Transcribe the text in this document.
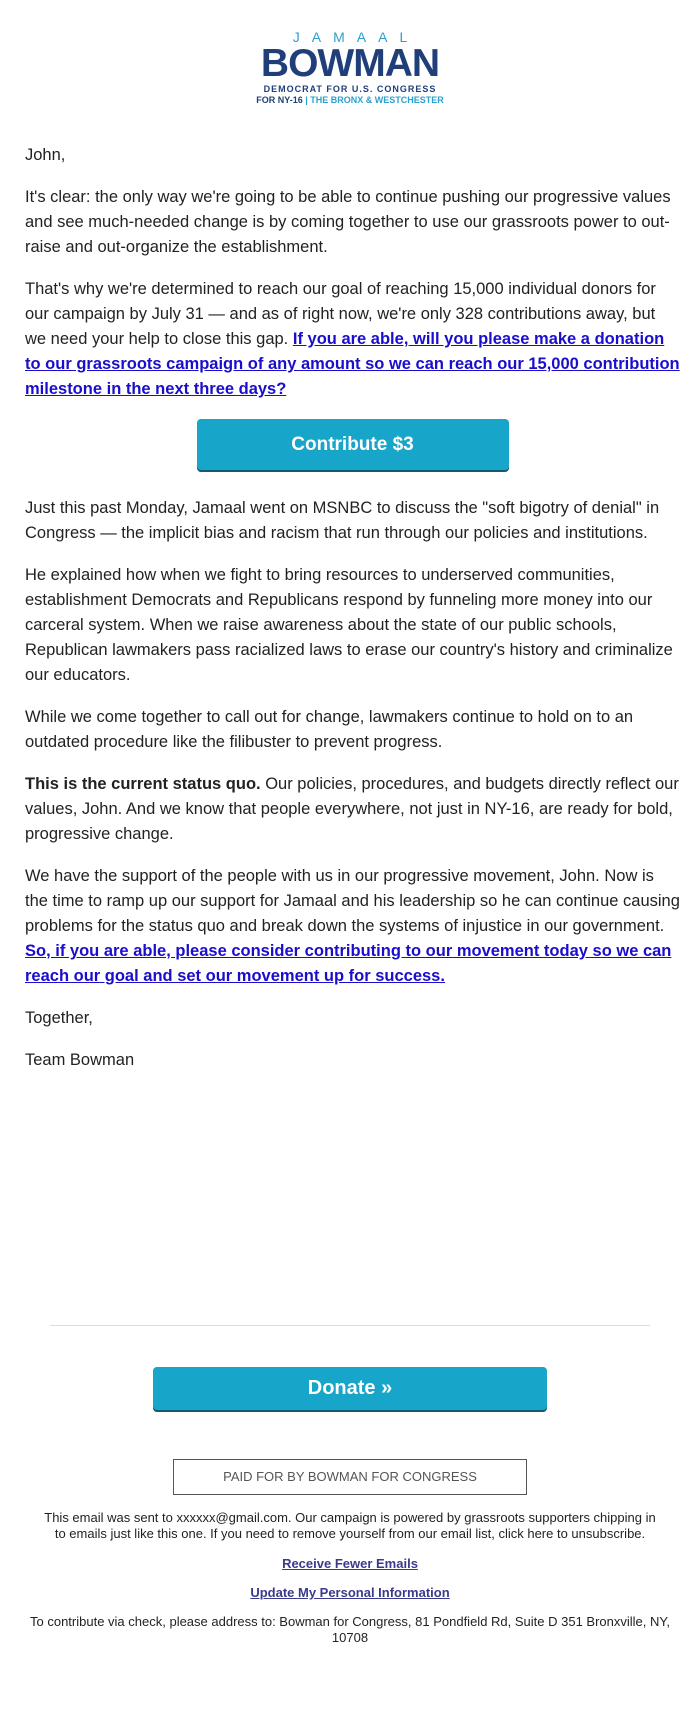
JAMAAL
BOWMAN
DEMOCRAT FOR U.S. CONGRESS
FOR NY-16 | THE BRONX & WESTCHESTER

John,

It's clear: the only way we're going to be able to continue pushing our progressive values and see much-needed change is by coming together to use our grassroots power to out-raise and out-organize the establishment.

That's why we're determined to reach our goal of reaching 15,000 individual donors for our campaign by July 31 — and as of right now, we're only 328 contributions away, but we need your help to close this gap. If you are able, will you please make a donation to our grassroots campaign of any amount so we can reach our 15,000 contribution milestone in the next three days?

Contribute $3

Just this past Monday, Jamaal went on MSNBC to discuss the "soft bigotry of denial" in Congress — the implicit bias and racism that run through our policies and institutions.

He explained how when we fight to bring resources to underserved communities, establishment Democrats and Republicans respond by funneling more money into our carceral system. When we raise awareness about the state of our public schools, Republican lawmakers pass racialized laws to erase our country's history and criminalize our educators.

While we come together to call out for change, lawmakers continue to hold on to an outdated procedure like the filibuster to prevent progress.

This is the current status quo. Our policies, procedures, and budgets directly reflect our values, John. And we know that people everywhere, not just in NY-16, are ready for bold, progressive change.

We have the support of the people with us in our progressive movement, John. Now is the time to ramp up our support for Jamaal and his leadership so he can continue causing problems for the status quo and break down the systems of injustice in our government. So, if you are able, please consider contributing to our movement today so we can reach our goal and set our movement up for success.

Together,

Team Bowman

Donate »
PAID FOR BY BOWMAN FOR CONGRESS
This email was sent to xxxxxx@gmail.com. Our campaign is powered by grassroots supporters chipping in to emails just like this one. If you need to remove yourself from our email list, click here to unsubscribe.
Receive Fewer Emails
Update My Personal Information
To contribute via check, please address to: Bowman for Congress, 81 Pondfield Rd, Suite D 351 Bronxville, NY, 10708
